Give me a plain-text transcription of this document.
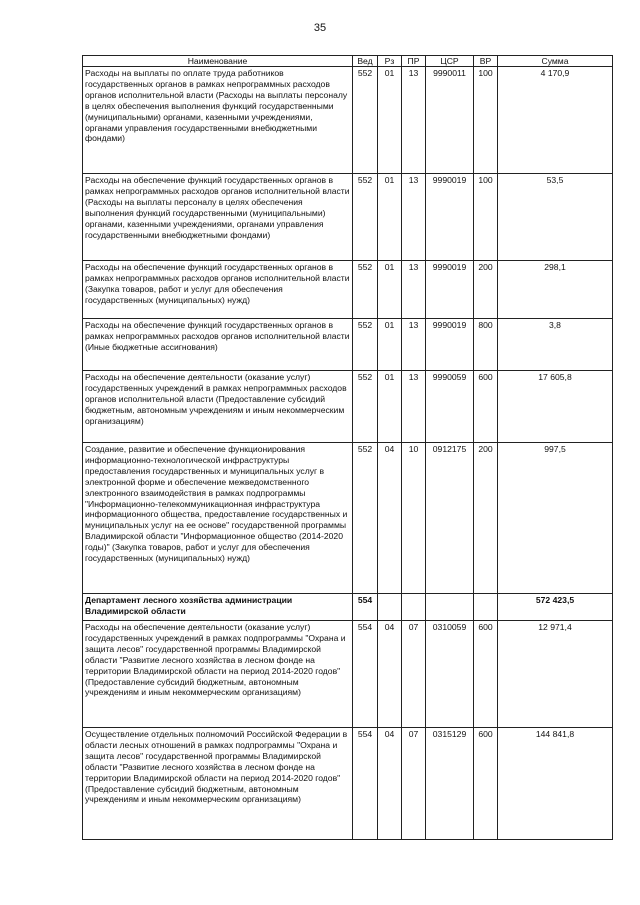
35
Наименование	Вед	Рз	ПР	ЦСР	ВР	Сумма
Расходы на выплаты по оплате труда работников государственных органов в рамках непрограммных расходов органов исполнительной власти (Расходы на выплаты персоналу в целях обеспечения выполнения функций государственными (муниципальными) органами, казенными учреждениями, органами управления государственными внебюджетными фондами)	552	01	13	9990011	100	4 170,9
Расходы на обеспечение функций государственных органов в рамках непрограммных расходов органов исполнительной власти (Расходы на выплаты персоналу в целях обеспечения выполнения функций государственными (муниципальными) органами, казенными учреждениями, органами управления государственными внебюджетными фондами)	552	01	13	9990019	100	53,5
Расходы на обеспечение функций государственных органов в рамках непрограммных расходов органов исполнительной власти (Закупка товаров, работ и услуг для обеспечения государственных (муниципальных) нужд)	552	01	13	9990019	200	298,1
Расходы на обеспечение функций государственных органов в рамках непрограммных расходов органов исполнительной власти (Иные бюджетные ассигнования)	552	01	13	9990019	800	3,8
Расходы на обеспечение деятельности (оказание услуг) государственных учреждений в рамках непрограммных расходов органов исполнительной власти (Предоставление субсидий бюджетным, автономным учреждениям и иным некоммерческим организациям)	552	01	13	9990059	600	17 605,8
Создание, развитие и обеспечение функционирования информационно-технологической инфраструктуры предоставления государственных и муниципальных услуг в электронной форме и обеспечение межведомственного электронного взаимодействия в рамках подпрограммы "Информационно-телекоммуникационная инфраструктура информационного общества, предоставление государственных и муниципальных услуг на ее основе" государственной программы Владимирской области "Информационное общество (2014-2020 годы)" (Закупка товаров, работ и услуг для обеспечения государственных (муниципальных) нужд)	552	04	10	0912175	200	997,5
Департамент лесного хозяйства администрации Владимирской области	554					572 423,5
Расходы на обеспечение деятельности (оказание услуг) государственных учреждений в рамках подпрограммы "Охрана и защита лесов" государственной программы Владимирской области "Развитие лесного хозяйства в лесном фонде на территории Владимирской области на период 2014-2020 годов" (Предоставление субсидий бюджетным, автономным учреждениям и иным некоммерческим организациям)	554	04	07	0310059	600	12 971,4
Осуществление отдельных полномочий Российской Федерации в области лесных отношений в рамках подпрограммы "Охрана и защита лесов" государственной программы Владимирской области "Развитие лесного хозяйства в лесном фонде на территории Владимирской области на период 2014-2020 годов" (Предоставление субсидий бюджетным, автономным учреждениям и иным некоммерческим организациям)	554	04	07	0315129	600	144 841,8
